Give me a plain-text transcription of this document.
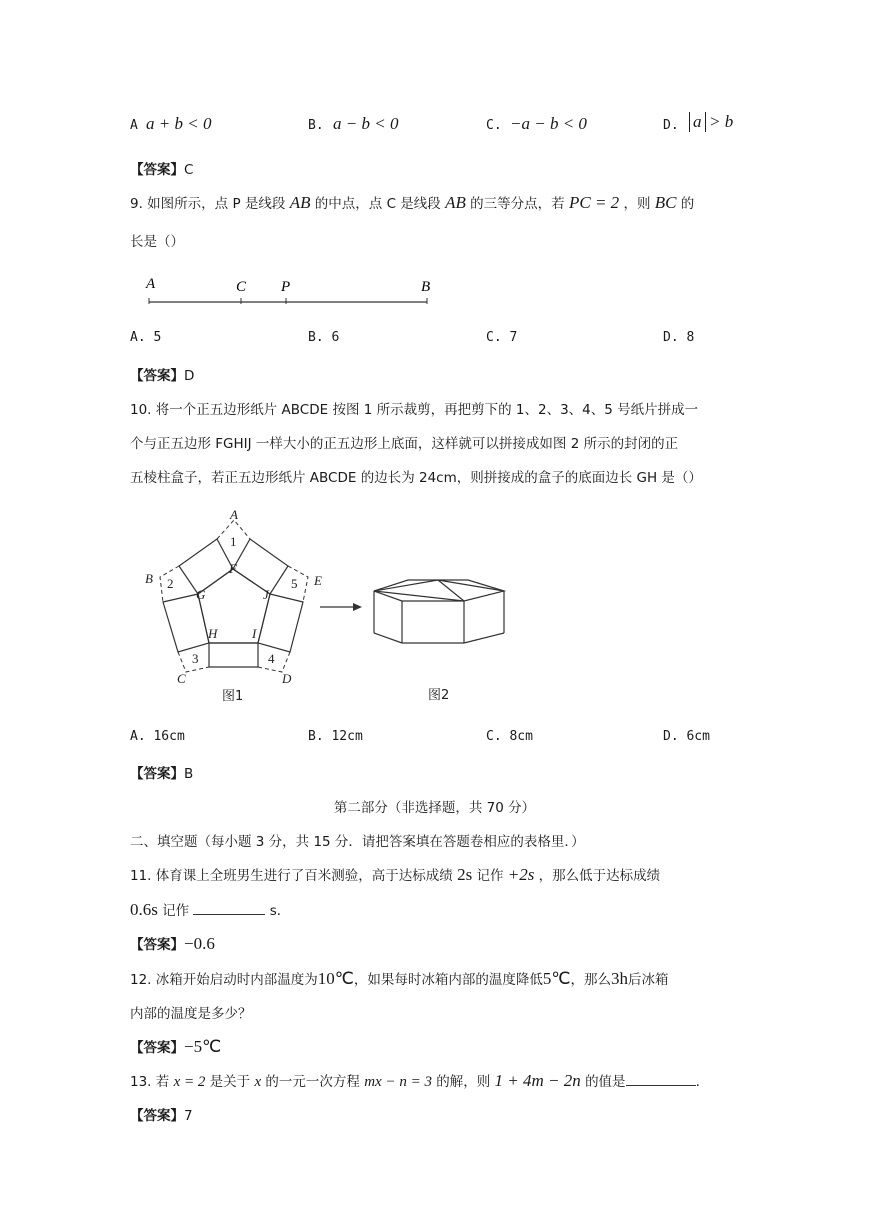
A a + b < 0	B. a − b < 0	C. −a − b < 0	D. a > b
【答案】C
9. 如图所示，点 P 是线段 AB 的中点，点 C 是线段 AB 的三等分点，若 PC = 2 ，则 BC 的
长是（）
A	C P	B
A. 5	B. 6	C. 7	D. 8
【答案】D
10. 将一个正五边形纸片 ABCDE 按图 1 所示裁剪，再把剪下的 1、2、3、4、5 号纸片拼成一
个与正五边形 FGHIJ 一样大小的正五边形上底面，这样就可以拼接成如图 2 所示的封闭的正
五棱柱盒子，若正五边形纸片 ABCDE 的边长为 24cm，则拼接成的盒子的底面边长 GH 是（）
A
B
C	D
E
F
G
H	I
J
1
2
3	4
5
图1	图2
A. 16cm	B. 12cm	C. 8cm	D. 6cm
【答案】B
第二部分（非选择题，共 70 分）
二、填空题（每小题 3 分，共 15 分．请把答案填在答题卷相应的表格里．）
11. 体育课上全班男生进行了百米测验，高于达标成绩 2s 记作 +2s ，那么低于达标成绩
0.6s 记作	s．
【答案】−0.6
12. 冰箱开始启动时内部温度为10℃，如果每时冰箱内部的温度降低5℃，那么3h后冰箱
内部的温度是多少？
【答案】−5℃
13. 若 x = 2 是关于 x 的一元一次方程 mx − n = 3 的解，则 1 + 4m − 2n 的值是	.
【答案】7
